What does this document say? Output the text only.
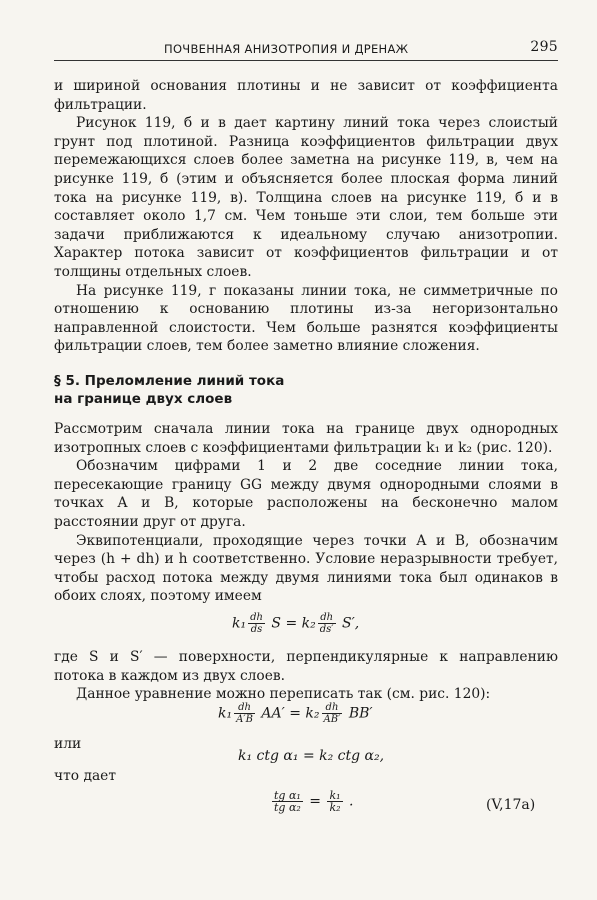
ПОЧВЕННАЯ АНИЗОТРОПИЯ И ДРЕНАЖ	295

и шириной основания плотины и не зависит от коэффициента фильтрации.

Рисунок 119, б и в дает картину линий тока через слоистый грунт под плотиной. Разница коэффициентов фильтрации двух перемежающихся слоев более заметна на рисунке 119, в, чем на рисунке 119, б (этим и объясняется более плоская форма линий тока на рисунке 119, в). Толщина слоев на рисунке 119, б и в составляет около 1,7 см. Чем тоньше эти слои, тем больше эти задачи приближаются к идеальному случаю анизотропии. Характер потока зависит от коэффициентов фильтрации и от толщины отдельных слоев.

На рисунке 119, г показаны линии тока, не симметричные по отношению к основанию плотины из-за негоризонтально направленной слоистости. Чем больше разнятся коэффициенты фильтрации слоев, тем более заметно влияние сложения.

§ 5. Преломление линий тока
на границе двух слоев

Рассмотрим сначала линии тока на границе двух однородных изотропных слоев с коэффициентами фильтрации k₁ и k₂ (рис. 120).

Обозначим цифрами 1 и 2 две соседние линии тока, пересекающие границу GG между двумя однородными слоями в точках A и B, которые расположены на бесконечно малом расстоянии друг от друга.

Эквипотенциали, проходящие через точки A и B, обозначим через (h + dh) и h соответственно. Условие неразрывности требует, чтобы расход потока между двумя линиями тока был одинаков в обоих слоях, поэтому имеем

$k_1 \frac{dh}{ds}$ $S = k_2 \frac{dh}{ds'} S'$,

где S и S′ — поверхности, перпендикулярные к направлению потока в каждом из двух слоев.

Данное уравнение можно переписать так (см. рис. 120):

$k_1 \frac{dh}{A'B} AA' = k_2 \frac{dh}{AB'} BB'$
или
k₁ ctg α₁ = k₂ ctg α₂,
что дает
$\frac{\text{tg α₁}}{\text{tg α₂}} = \frac{\text{k₁}}{\text{k₂}}$ .	(V,17a)
